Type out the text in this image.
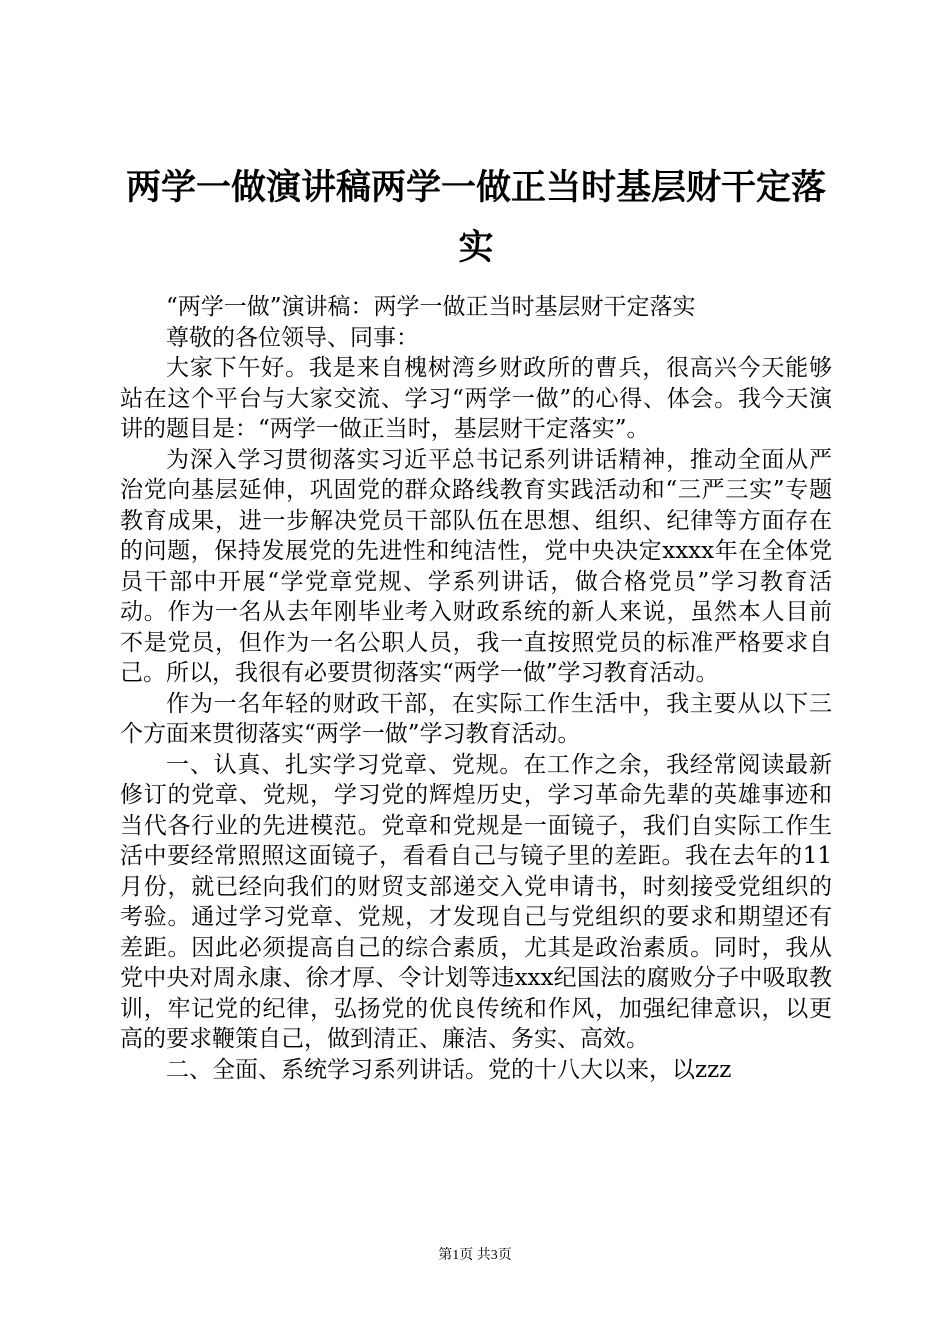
两学一做演讲稿两学一做正当时基层财干定落实

“两学一做”演讲稿：两学一做正当时基层财干定落实

尊敬的各位领导、同事：

大家下午好。我是来自槐树湾乡财政所的曹兵，很高兴今天能够站在这个平台与大家交流、学习“两学一做”的心得、体会。我今天演讲的题目是：“两学一做正当时，基层财干定落实”。

为深入学习贯彻落实习近平总书记系列讲话精神，推动全面从严治党向基层延伸，巩固党的群众路线教育实践活动和“三严三实”专题教育成果，进一步解决党员干部队伍在思想、组织、纪律等方面存在的问题，保持发展党的先进性和纯洁性，党中央决定xxxx年在全体党员干部中开展“学党章党规、学系列讲话，做合格党员”学习教育活动。作为一名从去年刚毕业考入财政系统的新人来说，虽然本人目前不是党员，但作为一名公职人员，我一直按照党员的标准严格要求自己。所以，我很有必要贯彻落实“两学一做”学习教育活动。

作为一名年轻的财政干部，在实际工作生活中，我主要从以下三个方面来贯彻落实“两学一做”学习教育活动。

一、认真、扎实学习党章、党规。在工作之余，我经常阅读最新修订的党章、党规，学习党的辉煌历史，学习革命先辈的英雄事迹和当代各行业的先进模范。党章和党规是一面镜子，我们自实际工作生活中要经常照照这面镜子，看看自己与镜子里的差距。我在去年的11月份，就已经向我们的财贸支部递交入党申请书，时刻接受党组织的考验。通过学习党章、党规，才发现自己与党组织的要求和期望还有差距。因此必须提高自己的综合素质，尤其是政治素质。同时，我从党中央对周永康、徐才厚、令计划等违xxx纪国法的腐败分子中吸取教训，牢记党的纪律，弘扬党的优良传统和作风，加强纪律意识，以更高的要求鞭策自己，做到清正、廉洁、务实、高效。

二、全面、系统学习系列讲话。党的十八大以来，以zzz

第1页 共3页
